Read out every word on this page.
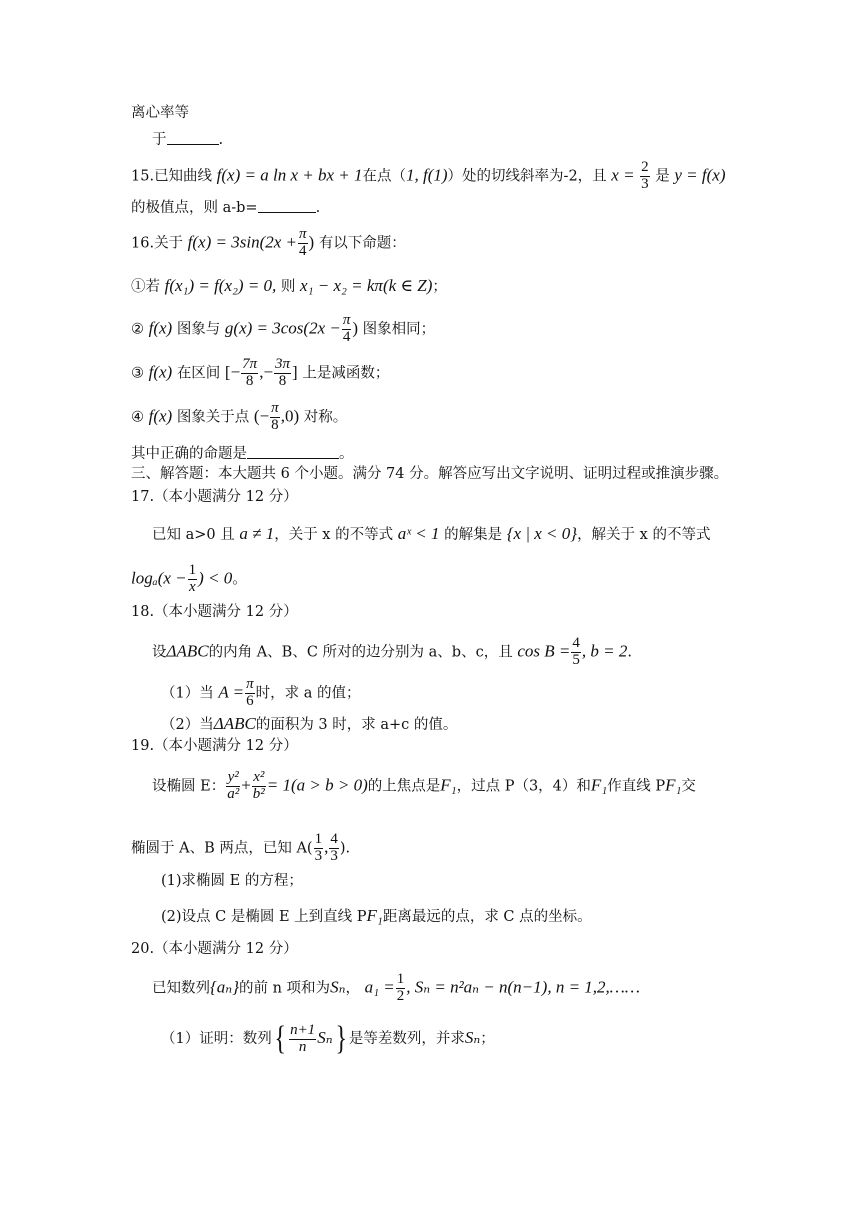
离心率等
于	.
15.已知曲线 f(x) = a ln x + bx + 1在点（1, f(1)）处的切线斜率为-2，且 $x = \frac{2}{3}$ 是 y = f(x)
的极值点，则 a-b=	.
16.关于 $f(x) = 3\sin(2x + \frac{\pi}{4}$ ) 有以下命题：
①若 f(x₁) = f(x₂) = 0, 则 x₁ − x₂ = kπ(k ∈ Z)；
② f(x) 图象与 $g(x) = 3\cos(2x - \frac{\pi}{4}$ ) 图象相同；
③ f(x) 在区间 [− $\frac{7\pi}{8}$ ,− $\frac{3\pi}{8}$ ] 上是减函数；
④ f(x) 图象关于点 (− $\frac{\pi}{8} ,0$) 对称。
其中正确的命题是	。
三、解答题：本大题共 6 个小题。满分 74 分。解答应写出文字说明、证明过程或推演步骤。
17.（本小题满分 12 分）
已知 a>0 且 a ≠ 1，关于 x 的不等式 aˣ < 1 的解集是 {x | x < 0}，解关于 x 的不等式
$\log_a(x - \frac{1}{x}$ ) < 0。
18.（本小题满分 12 分）
设ΔABC的内角 A、B、C 所对的边分别为 a、b、c，且 $\cos B = \frac{4}{5}$ , b = 2.
（1）当 $A = \frac{\pi}{6}$ 时，求 a 的值；
（2）当ΔABC的面积为 3 时，求 a+c 的值。
19.（本小题满分 12 分）
设椭圆 E： $\frac{\text{y²}}{\text{a²}} + \frac{\text{x²}}{\text{b²}} = 1(a > b > 0)$的上焦点是F₁，过点 P（3，4）和F₁作直线 PF₁交
椭圆于 A、B 两点，已知 $A( \frac{1}{3}$ , $\frac{4}{3}$ ).
(1)求椭圆 E 的方程；
(2)设点 C 是椭圆 E 上到直线 PF₁距离最远的点，求 C 点的坐标。
20.（本小题满分 12 分）
已知数列{aₙ}的前 n 项和为Sₙ， $a_1 = \frac{1}{2}$ , Sₙ = n²aₙ − n(n−1), n = 1,2,……
（1）证明：数列{ $\frac{n+1}{n} S_n$} 是等差数列，并求Sₙ；
